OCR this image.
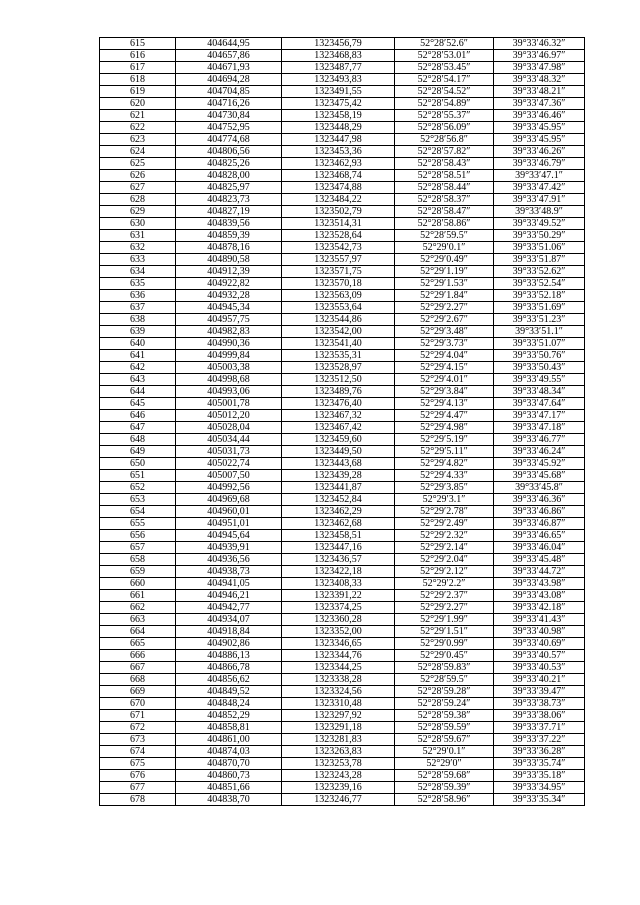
615	404644,95	1323456,79	52°28′52.6″	39°33′46.32″
616	404657,86	1323468,83	52°28′53.01″	39°33′46.97″
617	404671,93	1323487,77	52°28′53.45″	39°33′47.98″
618	404694,28	1323493,83	52°28′54.17″	39°33′48.32″
619	404704,85	1323491,55	52°28′54.52″	39°33′48.21″
620	404716,26	1323475,42	52°28′54.89″	39°33′47.36″
621	404730,84	1323458,19	52°28′55.37″	39°33′46.46″
622	404752,95	1323448,29	52°28′56.09″	39°33′45.95″
623	404774,68	1323447,98	52°28′56.8″	39°33′45.95″
624	404806,56	1323453,36	52°28′57.82″	39°33′46.26″
625	404825,26	1323462,93	52°28′58.43″	39°33′46.79″
626	404828,00	1323468,74	52°28′58.51″	39°33′47.1″
627	404825,97	1323474,88	52°28′58.44″	39°33′47.42″
628	404823,73	1323484,22	52°28′58.37″	39°33′47.91″
629	404827,19	1323502,79	52°28′58.47″	39°33′48.9″
630	404839,56	1323514,31	52°28′58.86″	39°33′49.52″
631	404859,39	1323528,64	52°28′59.5″	39°33′50.29″
632	404878,16	1323542,73	52°29′0.1″	39°33′51.06″
633	404890,58	1323557,97	52°29′0.49″	39°33′51.87″
634	404912,39	1323571,75	52°29′1.19″	39°33′52.62″
635	404922,82	1323570,18	52°29′1.53″	39°33′52.54″
636	404932,28	1323563,09	52°29′1.84″	39°33′52.18″
637	404945,34	1323553,64	52°29′2.27″	39°33′51.69″
638	404957,75	1323544,86	52°29′2.67″	39°33′51.23″
639	404982,83	1323542,00	52°29′3.48″	39°33′51.1″
640	404990,36	1323541,40	52°29′3.73″	39°33′51.07″
641	404999,84	1323535,31	52°29′4.04″	39°33′50.76″
642	405003,38	1323528,97	52°29′4.15″	39°33′50.43″
643	404998,68	1323512,50	52°29′4.01″	39°33′49.55″
644	404993,06	1323489,76	52°29′3.84″	39°33′48.34″
645	405001,78	1323476,40	52°29′4.13″	39°33′47.64″
646	405012,20	1323467,32	52°29′4.47″	39°33′47.17″
647	405028,04	1323467,42	52°29′4.98″	39°33′47.18″
648	405034,44	1323459,60	52°29′5.19″	39°33′46.77″
649	405031,73	1323449,50	52°29′5.11″	39°33′46.24″
650	405022,74	1323443,68	52°29′4.82″	39°33′45.92″
651	405007,50	1323439,28	52°29′4.33″	39°33′45.68″
652	404992,56	1323441,87	52°29′3.85″	39°33′45.8″
653	404969,68	1323452,84	52°29′3.1″	39°33′46.36″
654	404960,01	1323462,29	52°29′2.78″	39°33′46.86″
655	404951,01	1323462,68	52°29′2.49″	39°33′46.87″
656	404945,64	1323458,51	52°29′2.32″	39°33′46.65″
657	404939,91	1323447,16	52°29′2.14″	39°33′46.04″
658	404936,56	1323436,57	52°29′2.04″	39°33′45.48″
659	404938,73	1323422,18	52°29′2.12″	39°33′44.72″
660	404941,05	1323408,33	52°29′2.2″	39°33′43.98″
661	404946,21	1323391,22	52°29′2.37″	39°33′43.08″
662	404942,77	1323374,25	52°29′2.27″	39°33′42.18″
663	404934,07	1323360,28	52°29′1.99″	39°33′41.43″
664	404918,84	1323352,00	52°29′1.51″	39°33′40.98″
665	404902,86	1323346,65	52°29′0.99″	39°33′40.69″
666	404886,13	1323344,76	52°29′0.45″	39°33′40.57″
667	404866,78	1323344,25	52°28′59.83″	39°33′40.53″
668	404856,62	1323338,28	52°28′59.5″	39°33′40.21″
669	404849,52	1323324,56	52°28′59.28″	39°33′39.47″
670	404848,24	1323310,48	52°28′59.24″	39°33′38.73″
671	404852,29	1323297,92	52°28′59.38″	39°33′38.06″
672	404858,81	1323291,18	52°28′59.59″	39°33′37.71″
673	404861,00	1323281,83	52°28′59.67″	39°33′37.22″
674	404874,03	1323263,83	52°29′0.1″	39°33′36.28″
675	404870,70	1323253,78	52°29′0″	39°33′35.74″
676	404860,73	1323243,28	52°28′59.68″	39°33′35.18″
677	404851,66	1323239,16	52°28′59.39″	39°33′34.95″
678	404838,70	1323246,77	52°28′58.96″	39°33′35.34″
